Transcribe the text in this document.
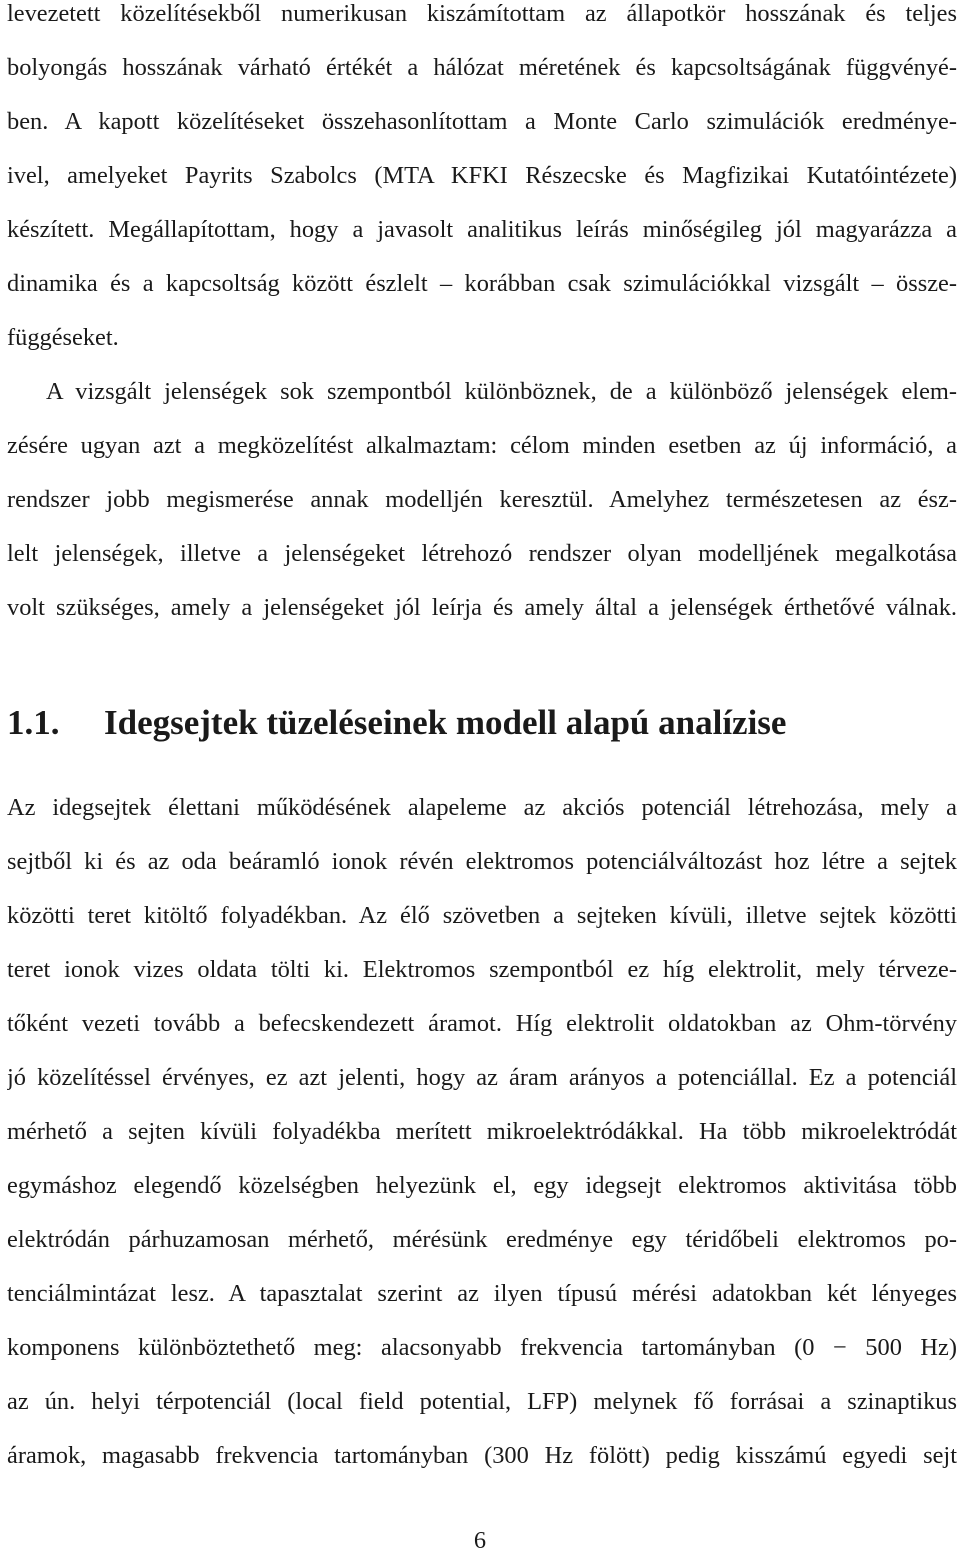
levezetett közelítésekből numerikusan kiszámítottam az állapotkör hosszának és teljes
bolyongás hosszának várható értékét a hálózat méretének és kapcsoltságának függvényé-
ben. A kapott közelítéseket összehasonlítottam a Monte Carlo szimulációk eredménye-
ivel, amelyeket Payrits Szabolcs (MTA KFKI Részecske és Magfizikai Kutatóintézete)
készített. Megállapítottam, hogy a javasolt analitikus leírás minőségileg jól magyarázza a
dinamika és a kapcsoltság között észlelt – korábban csak szimulációkkal vizsgált – össze-
függéseket.
A vizsgált jelenségek sok szempontból különböznek, de a különböző jelenségek elem-
zésére ugyan azt a megközelítést alkalmaztam: célom minden esetben az új információ, a
rendszer jobb megismerése annak modelljén keresztül. Amelyhez természetesen az ész-
lelt jelenségek, illetve a jelenségeket létrehozó rendszer olyan modelljének megalkotása
volt szükséges, amely a jelenségeket jól leírja és amely által a jelenségek érthetővé válnak.
1.1. Idegsejtek tüzeléseinek modell alapú analízise
Az idegsejtek élettani működésének alapeleme az akciós potenciál létrehozása, mely a
sejtből ki és az oda beáramló ionok révén elektromos potenciálváltozást hoz létre a sejtek
közötti teret kitöltő folyadékban. Az élő szövetben a sejteken kívüli, illetve sejtek közötti
teret ionok vizes oldata tölti ki. Elektromos szempontból ez híg elektrolit, mely térveze-
tőként vezeti tovább a befecskendezett áramot. Híg elektrolit oldatokban az Ohm-törvény
jó közelítéssel érvényes, ez azt jelenti, hogy az áram arányos a potenciállal. Ez a potenciál
mérhető a sejten kívüli folyadékba merített mikroelektródákkal. Ha több mikroelektródát
egymáshoz elegendő közelségben helyezünk el, egy idegsejt elektromos aktivitása több
elektródán párhuzamosan mérhető, mérésünk eredménye egy téridőbeli elektromos po-
tenciálmintázat lesz. A tapasztalat szerint az ilyen típusú mérési adatokban két lényeges
komponens különböztethető meg: alacsonyabb frekvencia tartományban (0 − 500 Hz)
az ún. helyi térpotenciál (local field potential, LFP) melynek fő forrásai a szinaptikus
áramok, magasabb frekvencia tartományban (300 Hz fölött) pedig kisszámú egyedi sejt
6
